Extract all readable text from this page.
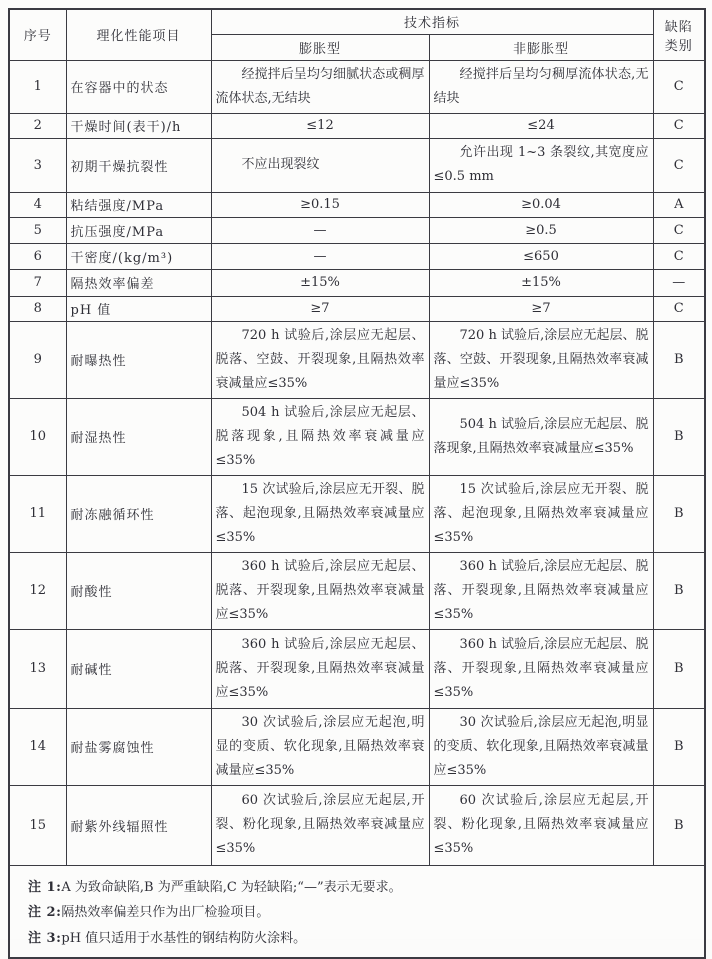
序号	理化性能项目	技术指标		缺陷类别
		膨胀型	非膨胀型	
1	在容器中的状态	经搅拌后呈均匀细腻状态或稠厚流体状态,无结块	经搅拌后呈均匀稠厚流体状态,无结块	C
2	干燥时间(表干)/h	≤12	≤24	C
3	初期干燥抗裂性	不应出现裂纹	允许出现 1~3 条裂纹,其宽度应≤0.5 mm	C
4	粘结强度/MPa	≥0.15	≥0.04	A
5	抗压强度/MPa	—	≥0.5	C
6	干密度/(kg/m³)	—	≤650	C
7	隔热效率偏差	±15%	±15%	—
8	pH 值	≥7	≥7	C
9	耐曝热性	720 h 试验后,涂层应无起层、脱落、空鼓、开裂现象,且隔热效率衰减量应≤35%	720 h 试验后,涂层应无起层、脱落、空鼓、开裂现象,且隔热效率衰减量应≤35%	B
10	耐湿热性	504 h 试验后,涂层应无起层、脱落现象,且隔热效率衰减量应≤35%	504 h 试验后,涂层应无起层、脱落现象,且隔热效率衰减量应≤35%	B
11	耐冻融循环性	15 次试验后,涂层应无开裂、脱落、起泡现象,且隔热效率衰减量应≤35%	15 次试验后,涂层应无开裂、脱落、起泡现象,且隔热效率衰减量应≤35%	B
12	耐酸性	360 h 试验后,涂层应无起层、脱落、开裂现象,且隔热效率衰减量应≤35%	360 h 试验后,涂层应无起层、脱落、开裂现象,且隔热效率衰减量应≤35%	B
13	耐碱性	360 h 试验后,涂层应无起层、脱落、开裂现象,且隔热效率衰减量应≤35%	360 h 试验后,涂层应无起层、脱落、开裂现象,且隔热效率衰减量应≤35%	B
14	耐盐雾腐蚀性	30 次试验后,涂层应无起泡,明显的变质、软化现象,且隔热效率衰减量应≤35%	30 次试验后,涂层应无起泡,明显的变质、软化现象,且隔热效率衰减量应≤35%	B
15	耐紫外线辐照性	60 次试验后,涂层应无起层,开裂、粉化现象,且隔热效率衰减量应≤35%	60 次试验后,涂层应无起层,开裂、粉化现象,且隔热效率衰减量应≤35%	B

注 1:A 为致命缺陷,B 为严重缺陷,C 为轻缺陷;“—”表示无要求。
注 2:隔热效率偏差只作为出厂检验项目。
注 3:pH 值只适用于水基性的钢结构防火涂料。				
